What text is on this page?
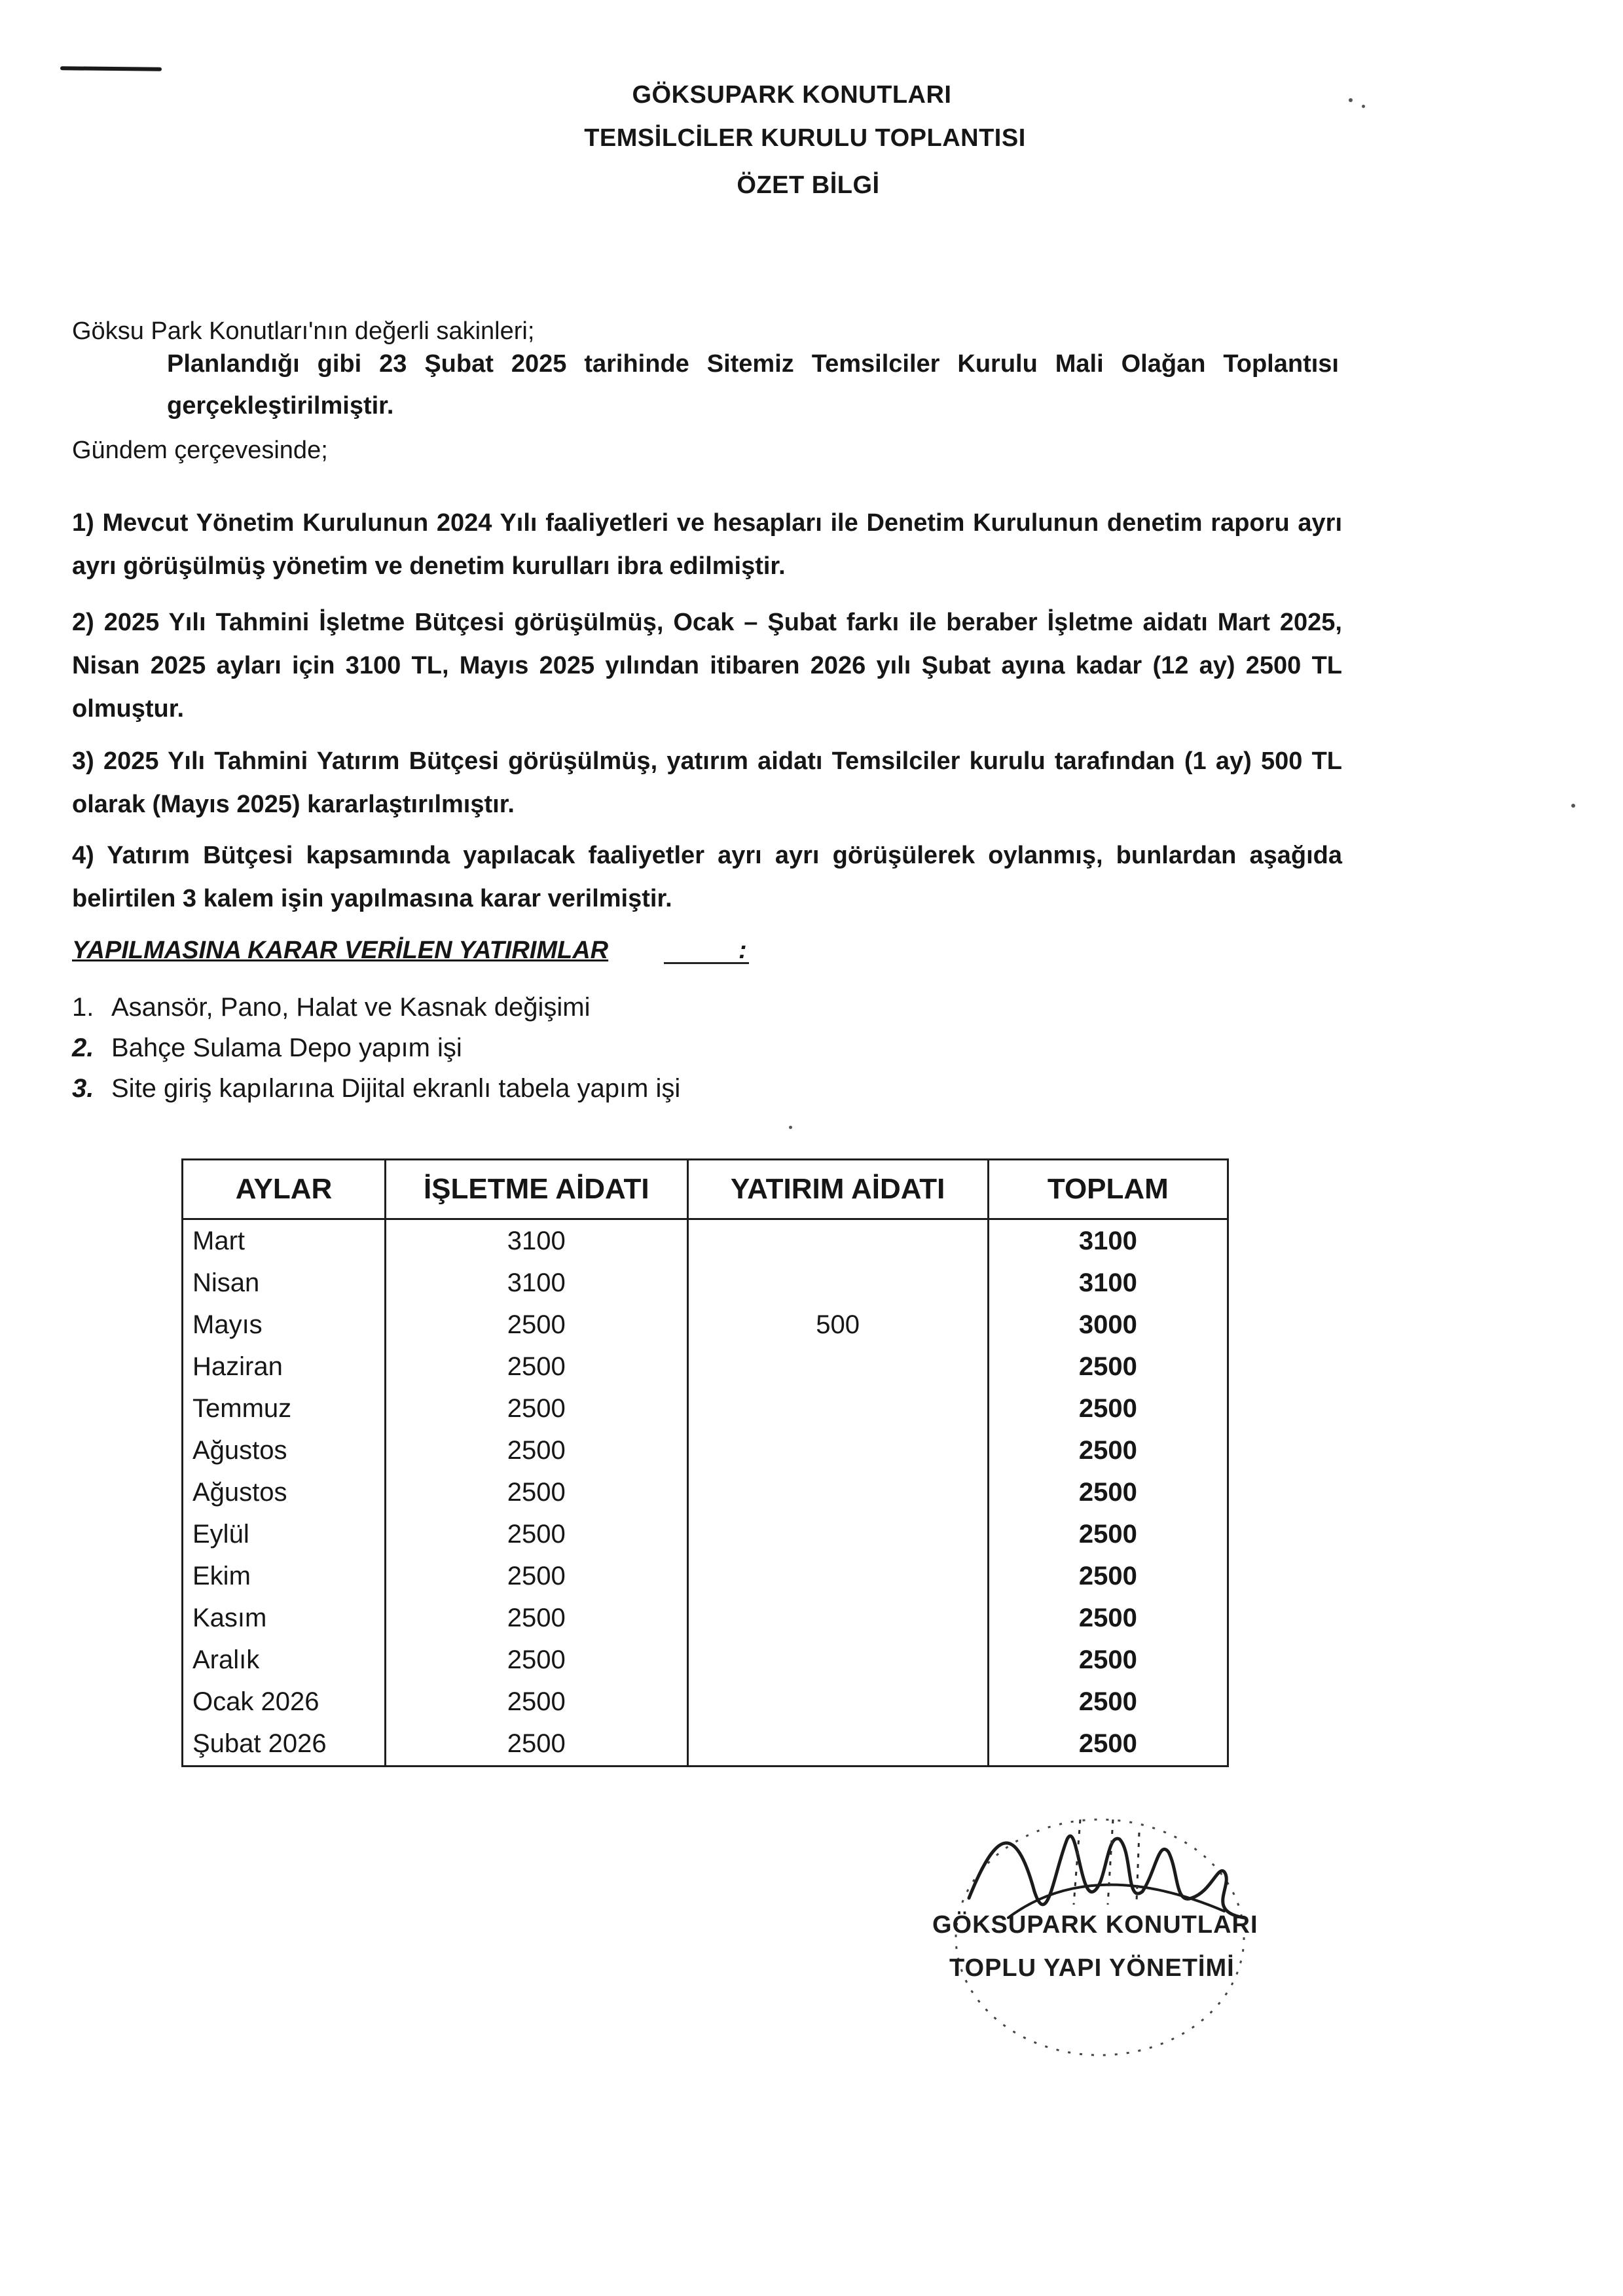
GÖKSUPARK KONUTLARI
TEMSİLCİLER KURULU TOPLANTISI
ÖZET BİLGİ
Göksu Park Konutları'nın değerli sakinleri;
Planlandığı gibi 23 Şubat 2025 tarihinde Sitemiz Temsilciler Kurulu Mali Olağan Toplantısı gerçekleştirilmiştir.
Gündem çerçevesinde;
1) Mevcut Yönetim Kurulunun 2024 Yılı faaliyetleri ve hesapları ile Denetim Kurulunun denetim raporu ayrı ayrı görüşülmüş yönetim ve denetim kurulları ibra edilmiştir.
2) 2025 Yılı Tahmini İşletme Bütçesi görüşülmüş, Ocak – Şubat farkı ile beraber İşletme aidatı Mart 2025, Nisan 2025 ayları için 3100 TL, Mayıs 2025 yılından itibaren 2026 yılı Şubat ayına kadar (12 ay) 2500 TL olmuştur.
3) 2025 Yılı Tahmini Yatırım Bütçesi görüşülmüş, yatırım aidatı Temsilciler kurulu tarafından (1 ay) 500 TL olarak (Mayıs 2025) kararlaştırılmıştır.
4) Yatırım Bütçesi kapsamında yapılacak faaliyetler ayrı ayrı görüşülerek oylanmış, bunlardan aşağıda belirtilen 3 kalem işin yapılmasına karar verilmiştir.
YAPILMASINA KARAR VERİLEN YATIRIMLAR	:
1. Asansör, Pano, Halat ve Kasnak değişimi
2. Bahçe Sulama Depo yapım işi
3. Site giriş kapılarına Dijital ekranlı tabela yapım işi
AYLAR	İŞLETME AİDATI	YATIRIM AİDATI	TOPLAM
Mart	3100		3100
Nisan	3100		3100
Mayıs	2500	500	3000
Haziran	2500		2500
Temmuz	2500		2500
Ağustos	2500		2500
Ağustos	2500		2500
Eylül	2500		2500
Ekim	2500		2500
Kasım	2500		2500
Aralık	2500		2500
Ocak 2026	2500		2500
Şubat 2026	2500		2500
GÖKSUPARK KONUTLARI
TOPLU YAPI YÖNETİMİ
